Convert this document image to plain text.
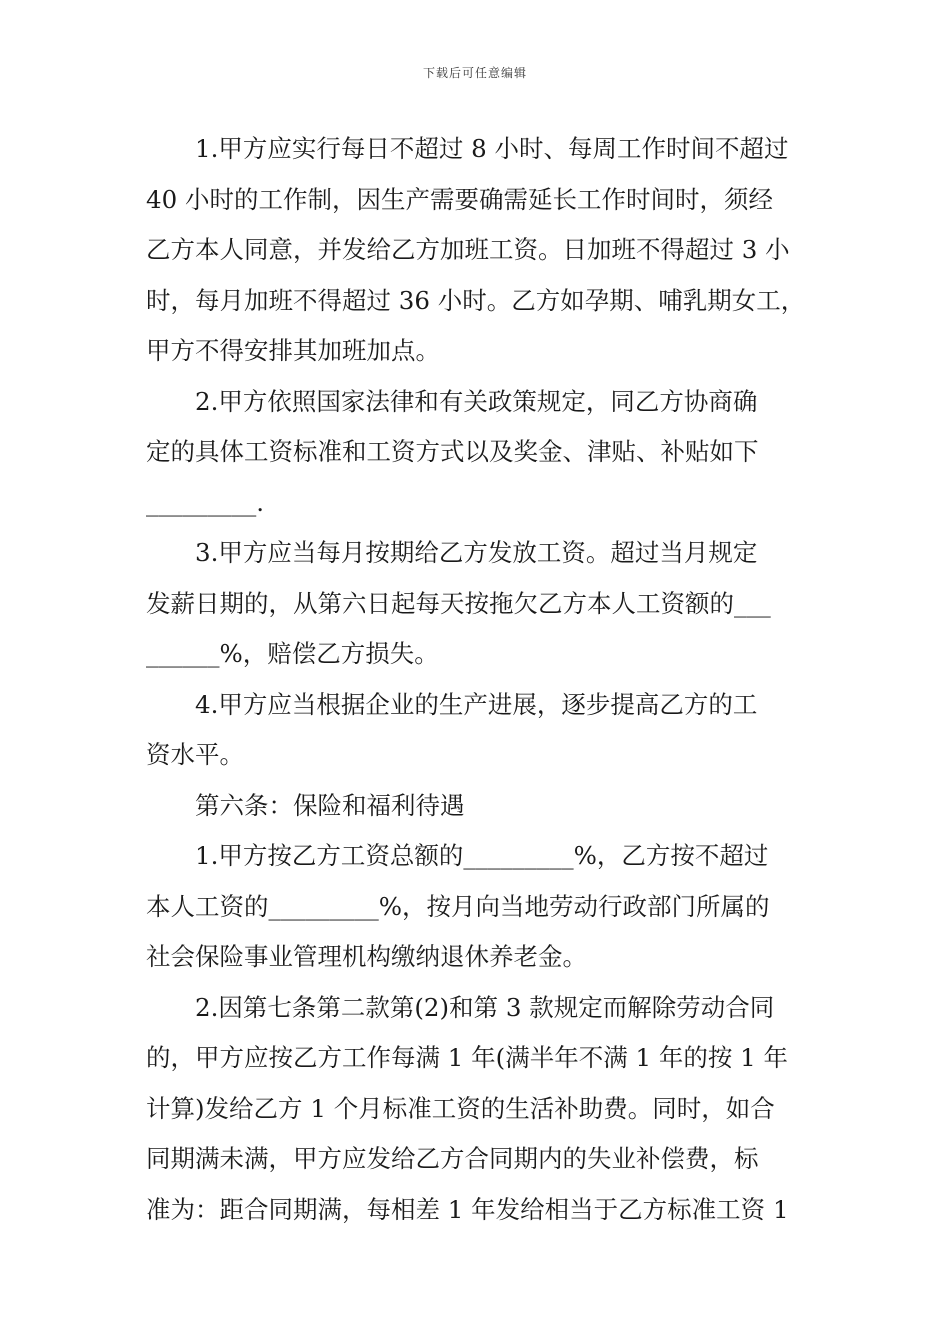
下载后可任意编辑
1.甲方应实行每日不超过 8 小时、每周工作时间不超过
40 小时的工作制，因生产需要确需延长工作时间时，须经
乙方本人同意，并发给乙方加班工资。日加班不得超过 3 小
时，每月加班不得超过 36 小时。乙方如孕期、哺乳期女工，
甲方不得安排其加班加点。
2.甲方依照国家法律和有关政策规定，同乙方协商确
定的具体工资标准和工资方式以及奖金、津贴、补贴如下
_________.
3.甲方应当每月按期给乙方发放工资。超过当月规定
发薪日期的，从第六日起每天按拖欠乙方本人工资额的___
______%，赔偿乙方损失。
4.甲方应当根据企业的生产进展，逐步提高乙方的工
资水平。
第六条：保险和福利待遇
1.甲方按乙方工资总额的_________%，乙方按不超过
本人工资的_________%，按月向当地劳动行政部门所属的
社会保险事业管理机构缴纳退休养老金。
2.因第七条第二款第(2)和第 3 款规定而解除劳动合同
的，甲方应按乙方工作每满 1 年(满半年不满 1 年的按 1 年
计算)发给乙方 1 个月标准工资的生活补助费。同时，如合
同期满未满，甲方应发给乙方合同期内的失业补偿费，标
准为：距合同期满，每相差 1 年发给相当于乙方标准工资 1
